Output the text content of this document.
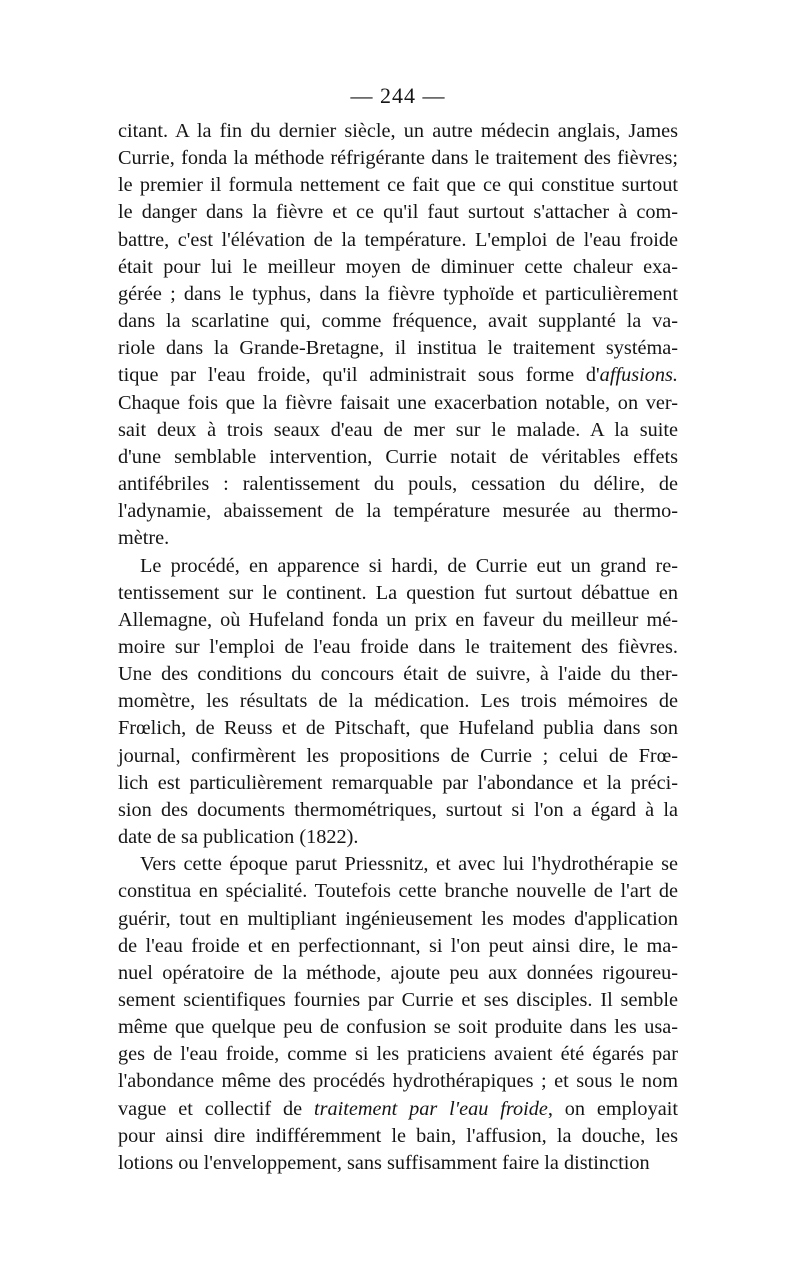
— 244 —
citant. A la fin du dernier siècle, un autre médecin anglais, James
Currie, fonda la méthode réfrigérante dans le traitement des fièvres;
le premier il formula nettement ce fait que ce qui constitue surtout
le danger dans la fièvre et ce qu'il faut surtout s'attacher à com-
battre, c'est l'élévation de la température. L'emploi de l'eau froide
était pour lui le meilleur moyen de diminuer cette chaleur exa-
gérée ; dans le typhus, dans la fièvre typhoïde et particulièrement
dans la scarlatine qui, comme fréquence, avait supplanté la va-
riole dans la Grande-Bretagne, il institua le traitement systéma-
tique par l'eau froide, qu'il administrait sous forme d'affusions.
Chaque fois que la fièvre faisait une exacerbation notable, on ver-
sait deux à trois seaux d'eau de mer sur le malade. A la suite
d'une semblable intervention, Currie notait de véritables effets
antifébriles : ralentissement du pouls, cessation du délire, de
l'adynamie, abaissement de la température mesurée au thermo-
mètre.
Le procédé, en apparence si hardi, de Currie eut un grand re-
tentissement sur le continent. La question fut surtout débattue en
Allemagne, où Hufeland fonda un prix en faveur du meilleur mé-
moire sur l'emploi de l'eau froide dans le traitement des fièvres.
Une des conditions du concours était de suivre, à l'aide du ther-
momètre, les résultats de la médication. Les trois mémoires de
Frœlich, de Reuss et de Pitschaft, que Hufeland publia dans son
journal, confirmèrent les propositions de Currie ; celui de Frœ-
lich est particulièrement remarquable par l'abondance et la préci-
sion des documents thermométriques, surtout si l'on a égard à la
date de sa publication (1822).
Vers cette époque parut Priessnitz, et avec lui l'hydrothérapie se
constitua en spécialité. Toutefois cette branche nouvelle de l'art de
guérir, tout en multipliant ingénieusement les modes d'application
de l'eau froide et en perfectionnant, si l'on peut ainsi dire, le ma-
nuel opératoire de la méthode, ajoute peu aux données rigoureu-
sement scientifiques fournies par Currie et ses disciples. Il semble
même que quelque peu de confusion se soit produite dans les usa-
ges de l'eau froide, comme si les praticiens avaient été égarés par
l'abondance même des procédés hydrothérapiques ; et sous le nom
vague et collectif de traitement par l'eau froide, on employait
pour ainsi dire indifféremment le bain, l'affusion, la douche, les
lotions ou l'enveloppement, sans suffisamment faire la distinction
